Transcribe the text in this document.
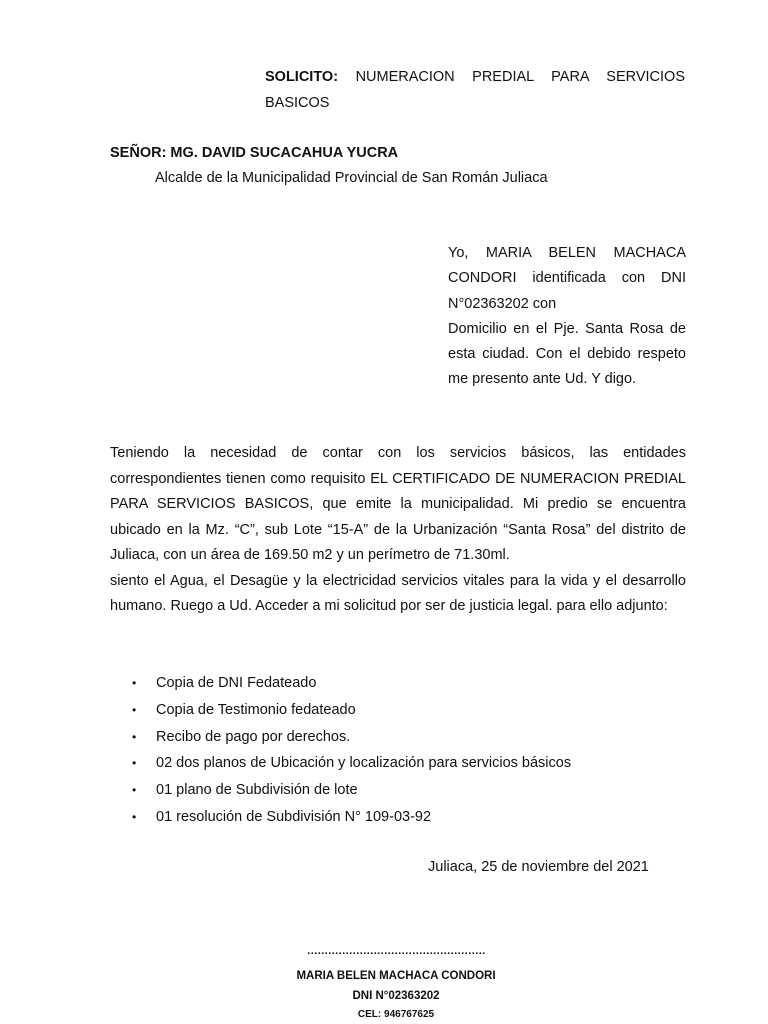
SOLICITO: NUMERACION PREDIAL PARA SERVICIOS BASICOS
SEÑOR: MG. DAVID SUCACAHUA YUCRA
Alcalde de la Municipalidad Provincial de San Román Juliaca

Yo, MARIA BELEN MACHACA CONDORI identificada con DNI N°02363202 con

Domicilio en el Pje. Santa Rosa de esta ciudad. Con el debido respeto me presento ante Ud. Y digo.

Teniendo la necesidad de contar con los servicios básicos, las entidades correspondientes tienen como requisito EL CERTIFICADO DE NUMERACION PREDIAL PARA SERVICIOS BASICOS, que emite la municipalidad. Mi predio se encuentra ubicado en la Mz. “C”, sub Lote “15-A” de la Urbanización “Santa Rosa” del distrito de Juliaca, con un área de 169.50 m2 y un perímetro de 71.30ml.

siento el Agua, el Desagüe y la electricidad servicios vitales para la vida y el desarrollo humano. Ruego a Ud. Acceder a mi solicitud por ser de justicia legal. para ello adjunto:

• Copia de DNI Fedateado
• Copia de Testimonio fedateado
• Recibo de pago por derechos.
• 02 dos planos de Ubicación y localización para servicios básicos
• 01 plano de Subdivisión de lote
• 01 resolución de Subdivisión N° 109-03-92
Juliaca, 25 de noviembre del 2021
……………………………………………
MARIA BELEN MACHACA CONDORI
DNI N°02363202
CEL: 946767625
